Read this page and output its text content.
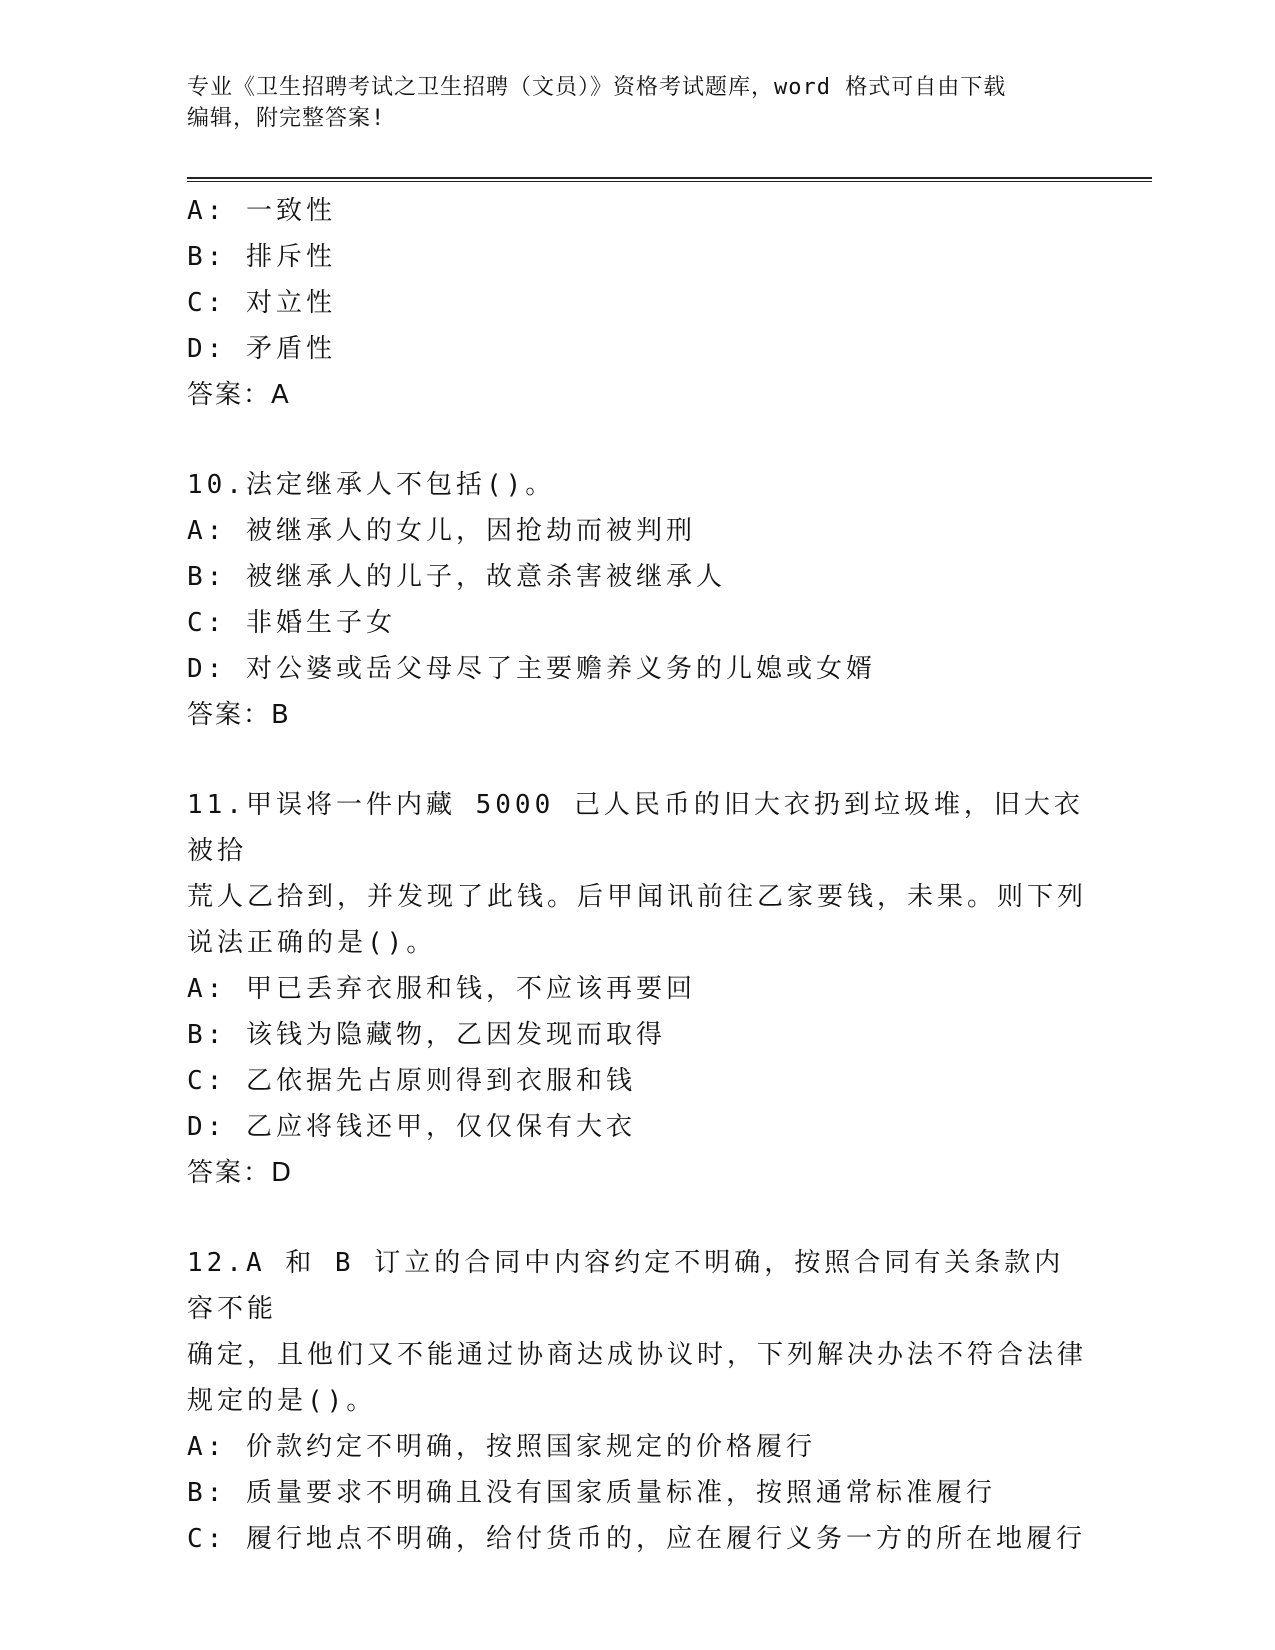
专业《卫生招聘考试之卫生招聘（文员）》资格考试题库，word 格式可自由下载
编辑，附完整答案!
A: 一致性
B: 排斥性
C: 对立性
D: 矛盾性
答案：A
10.法定继承人不包括()。
A: 被继承人的女儿，因抢劫而被判刑
B: 被继承人的儿子，故意杀害被继承人
C: 非婚生子女
D: 对公婆或岳父母尽了主要赡养义务的儿媳或女婿
答案：B
11.甲误将一件内藏 5000 己人民币的旧大衣扔到垃圾堆，旧大衣被拾
荒人乙拾到，并发现了此钱。后甲闻讯前往乙家要钱，未果。则下列
说法正确的是()。
A: 甲已丢弃衣服和钱，不应该再要回
B: 该钱为隐藏物，乙因发现而取得
C: 乙依据先占原则得到衣服和钱
D: 乙应将钱还甲，仅仅保有大衣
答案：D
12.A 和 B 订立的合同中内容约定不明确，按照合同有关条款内容不能
确定，且他们又不能通过协商达成协议时，下列解决办法不符合法律
规定的是()。
A: 价款约定不明确，按照国家规定的价格履行
B: 质量要求不明确且没有国家质量标准，按照通常标准履行
C: 履行地点不明确，给付货币的，应在履行义务一方的所在地履行
